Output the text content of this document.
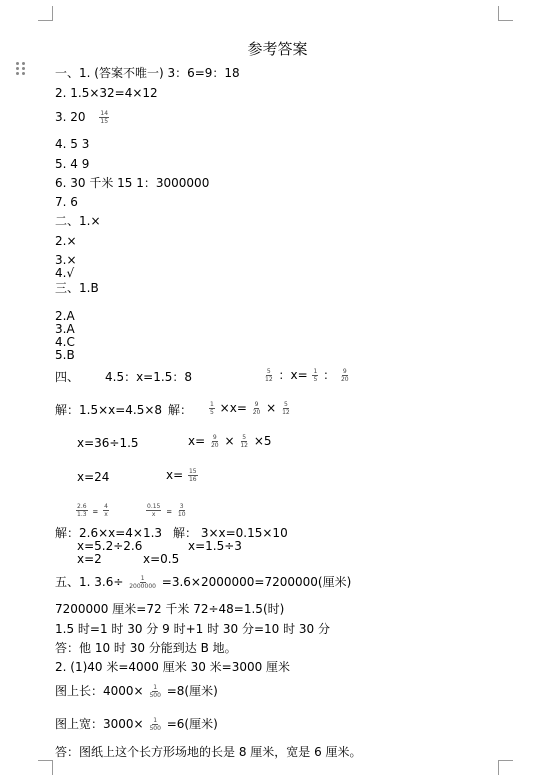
参考答案
一、1. (答案不唯一) 3：6=9：18
2. 1.5×32=4×12
3. $20 \frac{14}{15}$
4. 5 3
5. 4 9
6. 30 千米 15 1：3000000
7. 6
二、1.×
2.×
3.×
4.√
三、1.B
2.A
3.A
4.C
5.B
四、 4.5：x=1.5：8	$\frac{5}{12}$ ：$x= \frac{1}{5}$ ： $\frac{9}{20}$
解：1.5×x=4.5×8 解：	$\frac{1}{5} \times x= \frac{9}{20} \times \frac{5}{12}$
x=36÷1.5	$x= \frac{9}{20} \times \frac{5}{12} \times 5$
x=24	$x= \frac{15}{16}$
$\frac{2.6}{1.3} = \frac{4}{x}$	$\frac{0.15}{x} = \frac{3}{10}$
解：2.6×x=4×1.3 解： 3×x=0.15×10
x=5.2÷2.6	x=1.5÷3
x=2	x=0.5
五、1. $3.6\div \frac{1}{2000000} =3.6\times 2000000=7200000$(厘米)
7200000 厘米=72 千米 72÷48=1.5(时)
1.5 时=1 时 30 分 9 时+1 时 30 分=10 时 30 分
答：他 10 时 30 分能到达 B 地。
2. (1)40 米=4000 厘米 30 米=3000 厘米
图上长：$4000\times \frac{1}{500} =8$(厘米)
图上宽：$3000\times \frac{1}{500} =6$(厘米)
答：图纸上这个长方形场地的长是 8 厘米，宽是 6 厘米。
